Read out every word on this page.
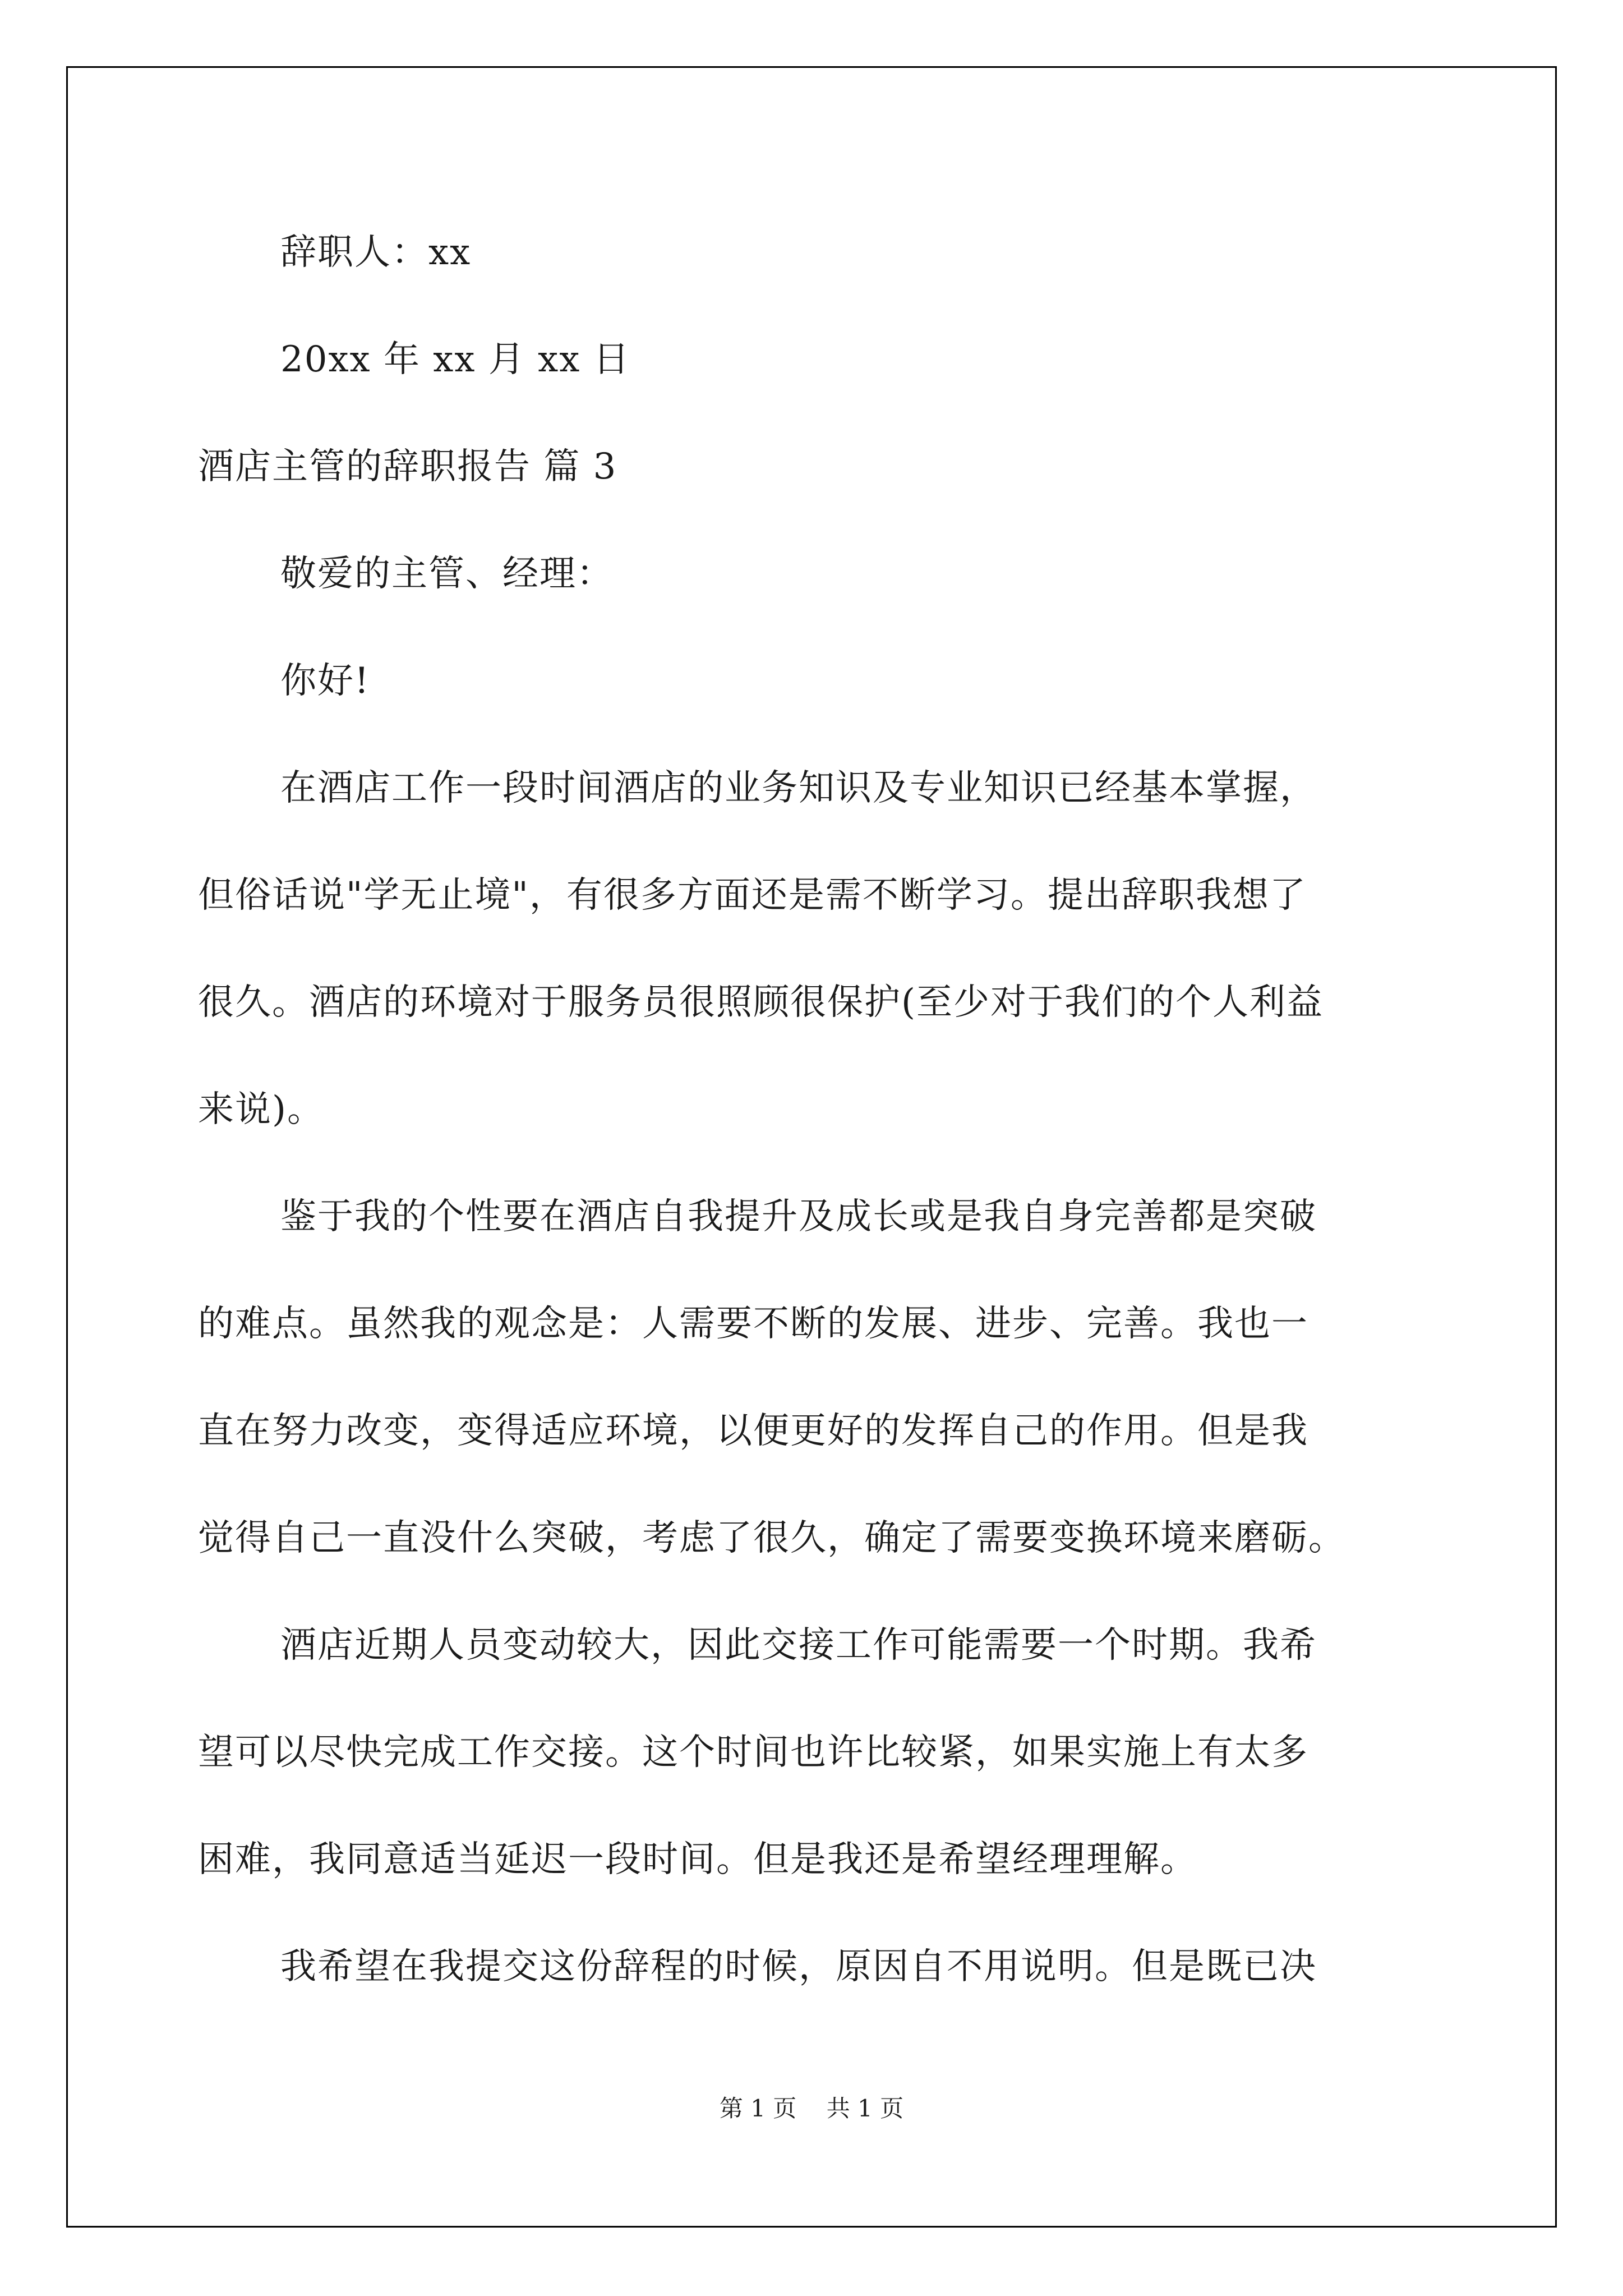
辞职人：xx
20xx 年 xx 月 xx 日
酒店主管的辞职报告 篇 3
敬爱的主管、经理：
你好!
在酒店工作一段时间酒店的业务知识及专业知识已经基本掌握，
但俗话说"学无止境"，有很多方面还是需不断学习。提出辞职我想了
很久。酒店的环境对于服务员很照顾很保护(至少对于我们的个人利益
来说)。
鉴于我的个性要在酒店自我提升及成长或是我自身完善都是突破
的难点。虽然我的观念是：人需要不断的发展、进步、完善。我也一
直在努力改变，变得适应环境，以便更好的发挥自己的作用。但是我
觉得自己一直没什么突破，考虑了很久，确定了需要变换环境来磨砺。
酒店近期人员变动较大，因此交接工作可能需要一个时期。我希
望可以尽快完成工作交接。这个时间也许比较紧，如果实施上有太多
困难，我同意适当延迟一段时间。但是我还是希望经理理解。
我希望在我提交这份辞程的时候，原因自不用说明。但是既已决
第 1 页    共 1 页
